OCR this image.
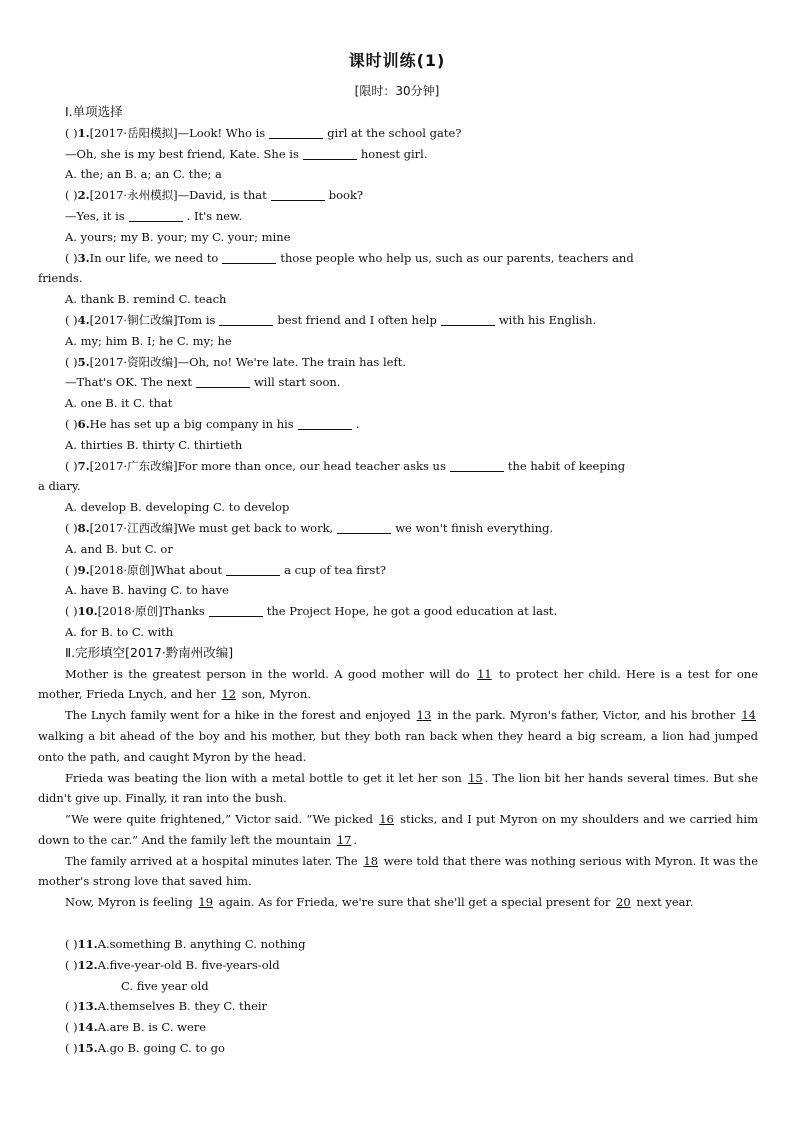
课时训练(1)
[限时：30分钟]
Ⅰ.单项选择
( )1.[2017·岳阳模拟]—Look! Who is	girl at the school gate?
—Oh, she is my best friend, Kate. She is	honest girl.
A. the; an B. a; an C. the; a
( )2.[2017·永州模拟]—David, is that	book?
—Yes, it is	. It's new.
A. yours; my B. your; my C. your; mine
( )3.In our life, we need to	those people who help us, such as our parents, teachers and
friends.
A. thank B. remind C. teach
( )4.[2017·铜仁改编]Tom is	best friend and I often help	with his English.
A. my; him B. I; he C. my; he
( )5.[2017·资阳改编]—Oh, no! We're late. The train has left.
—That's OK. The next	will start soon.
A. one B. it C. that
( )6.He has set up a big company in his	.
A. thirties B. thirty C. thirtieth
( )7.[2017·广东改编]For more than once, our head teacher asks us	the habit of keeping
a diary.
A. develop B. developing C. to develop
( )8.[2017·江西改编]We must get back to work,	we won't finish everything.
A. and B. but C. or
( )9.[2018·原创]What about	a cup of tea first?
A. have B. having C. to have
( )10.[2018·原创]Thanks	the Project Hope, he got a good education at last.
A. for B. to C. with
Ⅱ.完形填空[2017·黔南州改编]

Mother is the greatest person in the world. A good mother will do 11 to protect her child. Here is a test for one mother, Frieda Lnych, and her 12 son, Myron.

The Lnych family went for a hike in the forest and enjoyed 13 in the park. Myron's father, Victor, and his brother 14 walking a bit ahead of the boy and his mother, but they both ran back when they heard a big scream, a lion had jumped onto the path, and caught Myron by the head.

Frieda was beating the lion with a metal bottle to get it let her son 15 . The lion bit her hands several times. But she didn't give up. Finally, it ran into the bush.

“We were quite frightened,” Victor said. “We picked 16 sticks, and I put Myron on my shoulders and we carried him down to the car.” And the family left the mountain 17 .

The family arrived at a hospital minutes later. The 18 were told that there was nothing serious with Myron. It was the mother's strong love that saved him.

Now, Myron is feeling 19 again. As for Frieda, we're sure that she'll get a special present for 20 next year.

( )11.A.something B. anything C. nothing
( )12.A.five-year-old B. five-years-old
C. five year old
( )13.A.themselves B. they C. their
( )14.A.are B. is C. were
( )15.A.go B. going C. to go
